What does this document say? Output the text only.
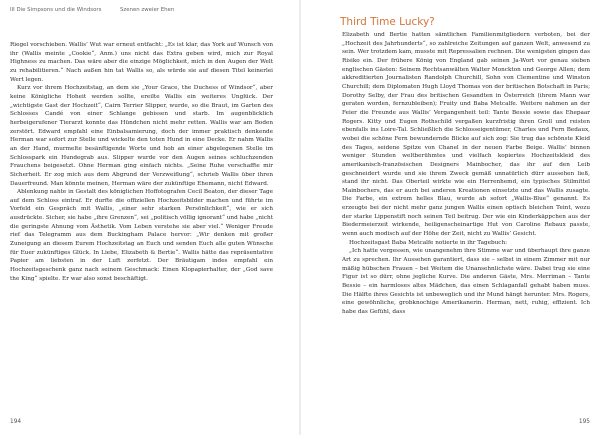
III Die Simpsons und die Windsors	Szenen zweier Ehen

Riegel vorschieben. Wallis’ Wut war erneut entfacht: „Es ist klar, das York auf Wunsch von ihr (Wallis meinte „Cookie“, Anm.) uns nicht das Extra geben wird, mich zur Royal Highness zu machen. Das wäre aber die einzige Möglichkeit, mich in den Augen der Welt zu rehabilitieren.“ Nach außen hin tat Wallis so, als würde sie auf diesen Titel keinerlei Wert legen.

Kurz vor ihrem Hochzeitstag, an dem sie „Your Grace, the Duchess of Windsor“, aber keine Königliche Hoheit werden sollte, ereilte Wallis ein weiteres Unglück. Der „wichtigste Gast der Hochzeit“, Cairn Terrier Slipper, wurde, so die Braut, im Garten des Schlosses Candé von einer Schlange gebissen und starb. Im augenblicklich herbeigerufener Tierarzt konnte das Hündchen nicht mehr retten. Wallis war am Boden zerstört. Edward empfahl eine Einbalsamierung, doch der immer praktisch denkende Herman war sofort zur Stelle und wickelte den toten Hund in eine Decke. Er nahm Wallis an der Hand, murmelte besänftigende Worte und hob an einer abgelegenen Stelle im Schlosspark ein Hundegrab aus. Slipper wurde vor den Augen seines schluchzenden Frauchens beigesetzt. Ohne Herman ging einfach nichts. „Seine Ruhe verschaffte mir Sicherheit. Er zog mich aus dem Abgrund der Verzweiflung“, schrieb Wallis über ihren Dauerfreund. Man könnte meinen, Herman wäre der zukünftige Ehemann, nicht Edward.

Ablenkung nahte in Gestalt des königlichen Hoffotografen Cecil Beaton, der dieser Tage auf dem Schloss eintraf. Er durfte die offiziellen Hochzeitsbilder machen und führte im Vorfeld ein Gespräch mit Wallis, „einer sehr starken Persönlichkeit“, wie er sich ausdrückte. Sicher, sie habe „ihre Grenzen“, sei „politisch völlig ignorant“ und habe „nicht die geringste Ahnung vom Ästhetik. Vom Leben verstehe sie aber viel.“ Weniger Freude rief das Telegramm aus dem Buckingham Palace hervor: „Wir denken mit großer Zuneigung an diesem Eurem Hochzeitstag an Euch und senden Euch alle guten Wünsche für Euer zukünftiges Glück. In Liebe, Elizabeth & Bertie“. Wallis hätte das repräsentative Papier am liebsten in der Luft zerfetzt. Der Bräutigam indes empfahl ein Hochzeitsgeschenk ganz nach seinem Geschmack: Einen Klopapierhalter, der „God save the King“ spielte. Er war also sonst beschäftigt.

194

Elizabeth und Bertie hatten sämtlichen Familienmitgliedern verboten, bei der „Hochzeit des Jahrhunderts“, so zahlreiche Zeitungen auf ganzen Welt, anwesend zu sein. Wer trotzdem kam, musste mit Repressalien rechnen. Die wenigsten gingen das Risiko ein. Der frühere König von England gab seinen Ja-Wort vor genau sieben englischen Gästen: Seinem Rechtsanwälten Walter Monckton und George Allen; dem akkreditierten Journalisten Randolph Churchill, Sohn von Clementine und Winston Churchill; dem Diplomaten Hugh Lloyd Thomas von der britischen Botschaft in Paris; Dorothy Selby, der Frau des britischen Gesandten in Österreich (ihrem Mann war geraten worden, fernzubleiben); Fruity und Baba Metcalfe. Weitere nahmen an der Feier die Freunde aus Wallis’ Vergangenheit teil: Tante Bessie sowie das Ehepaar Rogers. Kitty und Eugen Rothschild vergaßen kurzfristig ihren Groll und reisten ebenfalls ins Loire-Tal. Schließlich die Schlosseigentümer, Charles und Fern Bedaux, wobei die schöne Fern bewundernde Blicke auf sich zog: Sie trug das schönste Kleid des Tages, seidene Spitze von Chanel in der neuen Farbe Beige. Wallis’ binnen weniger Stunden weltberühmtes und vielfach kopiertes Hochzeitskleid des amerikanisch-französischen Designers Mainbocher, das ihr auf den Leib geschneidert wurde und sie ihrem Zweck gemäß unnatürlich dürr aussehen ließ, stand ihr nicht. Das Oberteil wirkte wie ein Herrenhemd, ein typisches Stilmittel Mainbochers, das er auch bei anderen Kreationen einsetzte und das Wallis zusagte. Die Farbe, ein extrem helles Blau, wurde ab sofort „Wallis-Blue“ genannt. Es erzeugte bei der nicht mehr ganz jungen Wallis einen optisch bleichen Teint, wozu der starke Lippenstift noch seinen Teil beitrug. Der wie ein Kinderkäppchen aus der Biedermeierzeit wirkende, heiligenscheinartige Hut von Caroline Rebaux passte, wenn auch modisch auf der Höhe der Zeit, nicht zu Wallis’ Gesicht.

Hochzeitsgast Baba Metcalfe notierte in ihr Tagebuch:

„Ich hatte vergessen, wie unangenehm ihre Stimme war und überhaupt ihre ganze Art zu sprechen. Ihr Aussehen garantiert, dass sie – selbst in einem Zimmer mit nur mäßig hübschen Frauen – bei Weitem die Unansehnlichste wäre. Dabei trug sie eine Figur ist so dürr, ohne jegliche Kurve. Die anderen Gäste, Mrs. Merriman – Tante Bessie – ein harmloses altes Mädchen, das einen Schlaganfall gehabt haben muss. Die Hälfte ihres Gesichts ist unbeweglich und ihr Mund hängt herunter. Mrs. Rogers, eine gewöhnliche, grobknochige Amerikanerin. Herman, nett, ruhig, effizient. Ich habe das Gefühl, dass

195
Third Time Lucky?
